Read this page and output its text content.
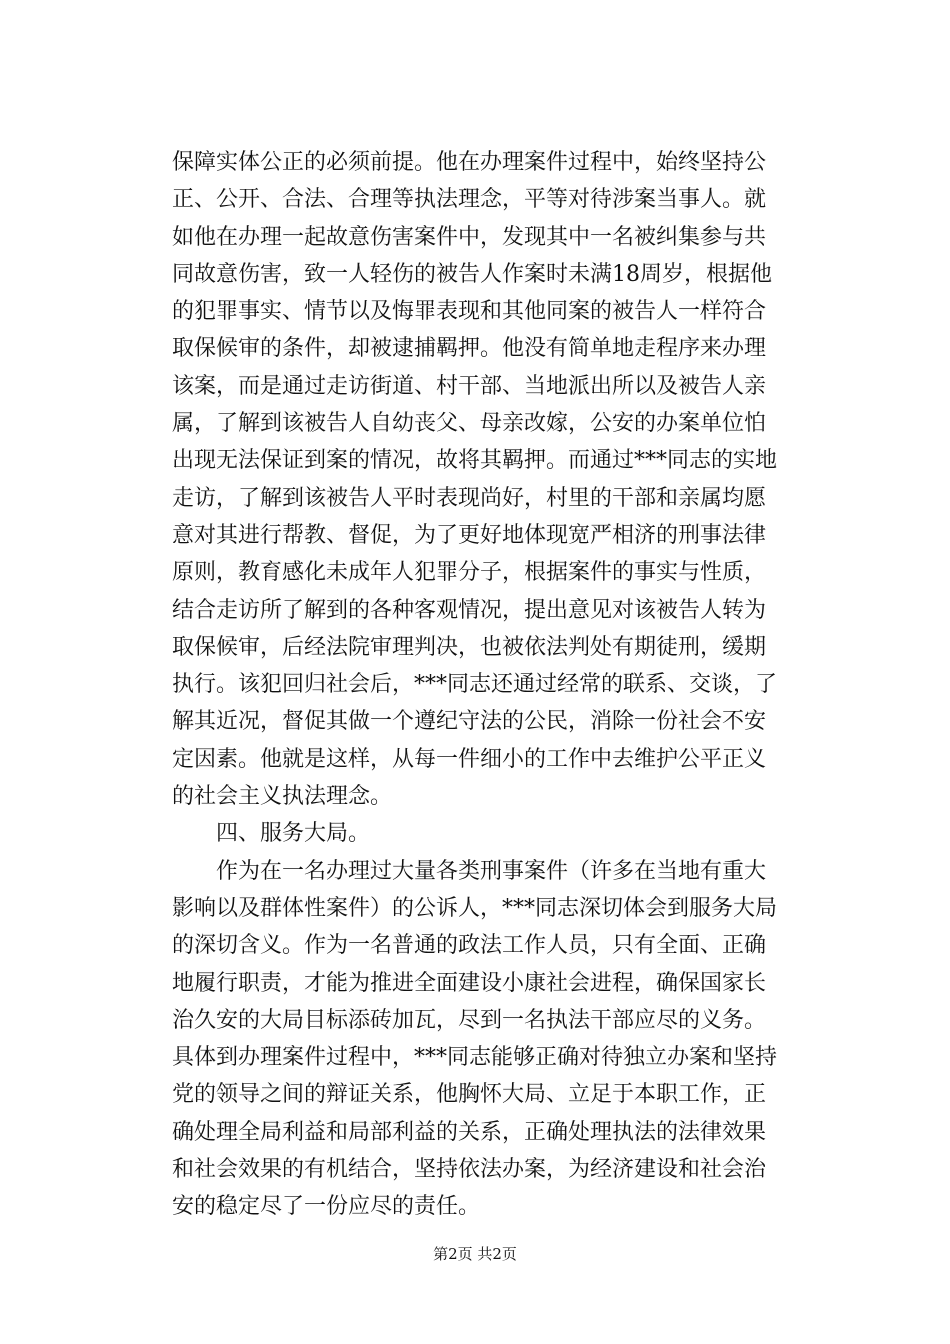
保障实体公正的必须前提。他在办理案件过程中，始终坚持公
正、公开、合法、合理等执法理念，平等对待涉案当事人。就
如他在办理一起故意伤害案件中，发现其中一名被纠集参与共
同故意伤害，致一人轻伤的被告人作案时未满18周岁，根据他
的犯罪事实、情节以及悔罪表现和其他同案的被告人一样符合
取保候审的条件，却被逮捕羁押。他没有简单地走程序来办理
该案，而是通过走访街道、村干部、当地派出所以及被告人亲
属，了解到该被告人自幼丧父、母亲改嫁，公安的办案单位怕
出现无法保证到案的情况，故将其羁押。而通过***同志的实地
走访，了解到该被告人平时表现尚好，村里的干部和亲属均愿
意对其进行帮教、督促，为了更好地体现宽严相济的刑事法律
原则，教育感化未成年人犯罪分子，根据案件的事实与性质，
结合走访所了解到的各种客观情况，提出意见对该被告人转为
取保候审，后经法院审理判决，也被依法判处有期徒刑，缓期
执行。该犯回归社会后，***同志还通过经常的联系、交谈，了
解其近况，督促其做一个遵纪守法的公民，消除一份社会不安
定因素。他就是这样，从每一件细小的工作中去维护公平正义
的社会主义执法理念。
四、服务大局。
作为在一名办理过大量各类刑事案件（许多在当地有重大
影响以及群体性案件）的公诉人，***同志深切体会到服务大局
的深切含义。作为一名普通的政法工作人员，只有全面、正确
地履行职责，才能为推进全面建设小康社会进程，确保国家长
治久安的大局目标添砖加瓦，尽到一名执法干部应尽的义务。
具体到办理案件过程中，***同志能够正确对待独立办案和坚持
党的领导之间的辩证关系，他胸怀大局、立足于本职工作，正
确处理全局利益和局部利益的关系，正确处理执法的法律效果
和社会效果的有机结合，坚持依法办案，为经济建设和社会治
安的稳定尽了一份应尽的责任。
第2页 共2页
